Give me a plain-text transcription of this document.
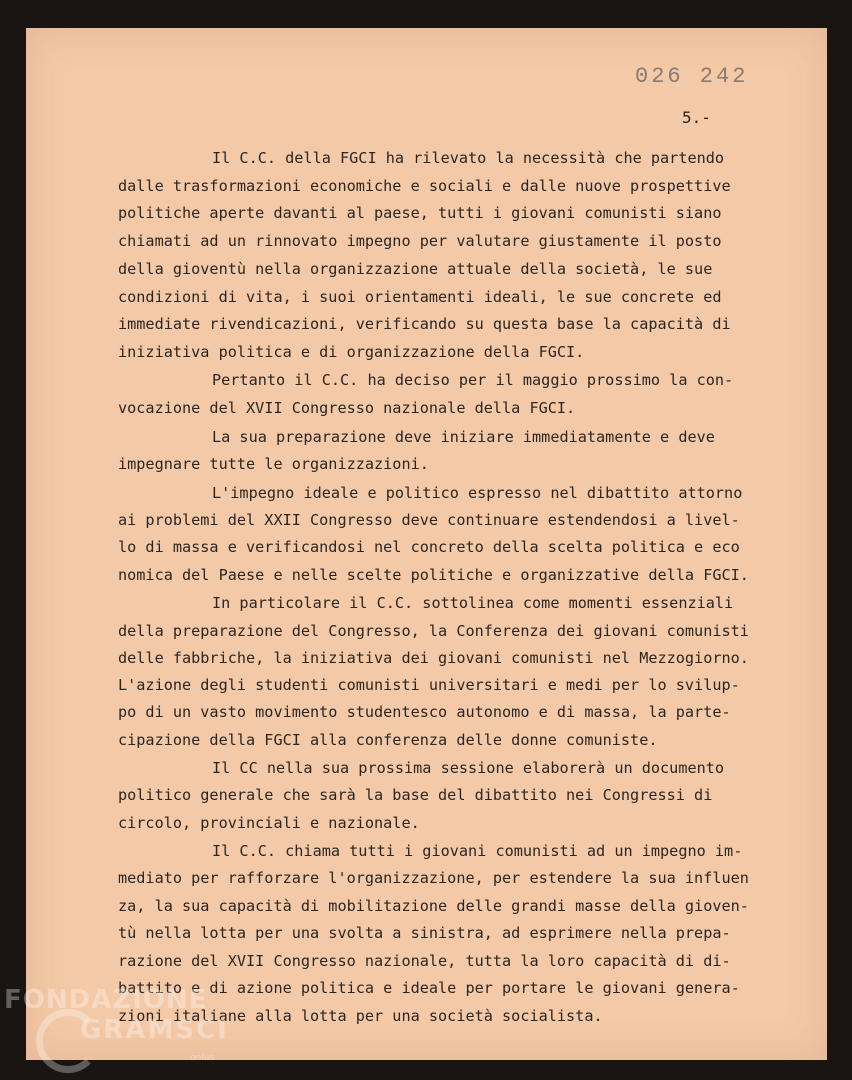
026 242
5.-
Il C.C. della FGCI ha rilevato la necessità che partendo
dalle trasformazioni economiche e sociali e dalle nuove prospettive
politiche aperte davanti al paese, tutti i giovani comunisti siano
chiamati ad un rinnovato impegno per valutare giustamente il posto
della gioventù nella organizzazione attuale della società, le sue
condizioni di vita, i suoi orientamenti ideali, le sue concrete ed
immediate rivendicazioni, verificando su questa base la capacità di
iniziativa politica e di organizzazione della FGCI.
Pertanto il C.C. ha deciso per il maggio prossimo la con-
vocazione del XVII Congresso nazionale della FGCI.
La sua preparazione deve iniziare immediatamente e deve
impegnare tutte le organizzazioni.
L'impegno ideale e politico espresso nel dibattito attorno
ai problemi del XXII Congresso deve continuare estendendosi a livel-
lo di massa e verificandosi nel concreto della scelta politica e eco
nomica del Paese e nelle scelte politiche e organizzative della FGCI.
In particolare il C.C. sottolinea come momenti essenziali
della preparazione del Congresso, la Conferenza dei giovani comunisti
delle fabbriche, la iniziativa dei giovani comunisti nel Mezzogiorno.
L'azione degli studenti comunisti universitari e medi per lo svilup-
po di un vasto movimento studentesco autonomo e di massa, la parte-
cipazione della FGCI alla conferenza delle donne comuniste.
Il CC nella sua prossima sessione elaborerà un documento
politico generale che sarà la base del dibattito nei Congressi di
circolo, provinciali e nazionale.
Il C.C. chiama tutti i giovani comunisti ad un impegno im-
mediato per rafforzare l'organizzazione, per estendere la sua influen
za, la sua capacità di mobilitazione delle grandi masse della gioven-
tù nella lotta per una svolta a sinistra, ad esprimere nella prepa-
razione del XVII Congresso nazionale, tutta la loro capacità di di-
battito e di azione politica e ideale per portare le giovani genera-
zioni italiane alla lotta per una società socialista.
FONDAZIONE
GRAMSCI
onlus
